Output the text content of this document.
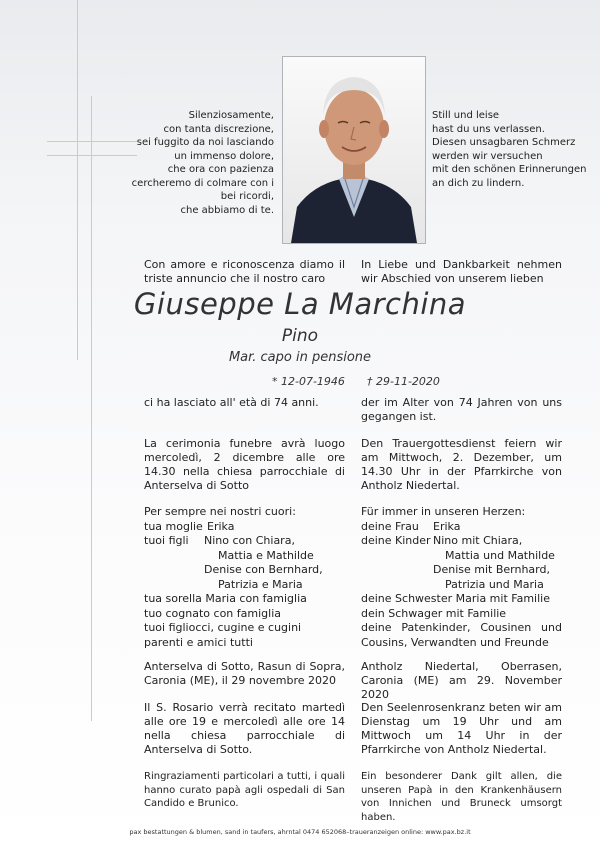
Silenziosamente,
con tanta discrezione,
sei fuggito da noi lasciando
un immenso dolore,
che ora con pazienza
cercheremo di colmare con i
bei ricordi,
che abbiamo di te.
Still und leise
hast du uns verlassen.
Diesen unsagbaren Schmerz
werden wir versuchen
mit den schönen Erinnerungen
an dich zu lindern.
Con amore e riconoscenza diamo il triste annuncio che il nostro caro
In Liebe und Dankbarkeit nehmen wir Abschied von unserem lieben
Giuseppe La Marchina
Pino
Mar. capo in pensione
* 12-07-1946 † 29-11-2020
ci ha lasciato all' età di 74 anni.	der im Alter von 74 Jahren von uns gegangen ist.
La cerimonia funebre avrà luogo mercoledì, 2 dicembre alle ore 14.30 nella chiesa parrocchiale di Anterselva di Sotto
Den Trauergottesdienst feiern wir am Mittwoch, 2. Dezember, um 14.30 Uhr in der Pfarrkirche von Antholz Niedertal.
Per sempre nei nostri cuori:
tua moglie Erika
tuoi figli Nino con Chiara,
Mattia e Mathilde
Denise con Bernhard,
Patrizia e Maria
tua sorella Maria con famiglia
tuo cognato con famiglia
tuoi figliocci, cugine e cugini
parenti e amici tutti
Für immer in unseren Herzen:
deine Frau Erika
deine Kinder Nino mit Chiara,
Mattia und Mathilde
Denise mit Bernhard,
Patrizia und Maria
deine Schwester Maria mit Familie
dein Schwager mit Familie
deine Patenkinder, Cousinen und Cousins, Verwandten und Freunde
Anterselva di Sotto, Rasun di Sopra, Caronia (ME), il 29 novembre 2020
Antholz Niedertal, Oberrasen, Caronia (ME) am 29. November 2020
Il S. Rosario verrà recitato martedì alle ore 19 e mercoledì alle ore 14 nella chiesa parrocchiale di Anterselva di Sotto.
Den Seelenrosenkranz beten wir am Dienstag um 19 Uhr und am Mittwoch um 14 Uhr in der Pfarrkirche von Antholz Niedertal.
Ringraziamenti particolari a tutti, i quali hanno curato papà agli ospedali di San Candido e Brunico.
Ein besonderer Dank gilt allen, die unseren Papà in den Krankenhäusern von Innichen und Bruneck umsorgt haben.
pax bestattungen & blumen, sand in taufers, ahrntal 0474 652068–traueranzeigen online: www.pax.bz.it
